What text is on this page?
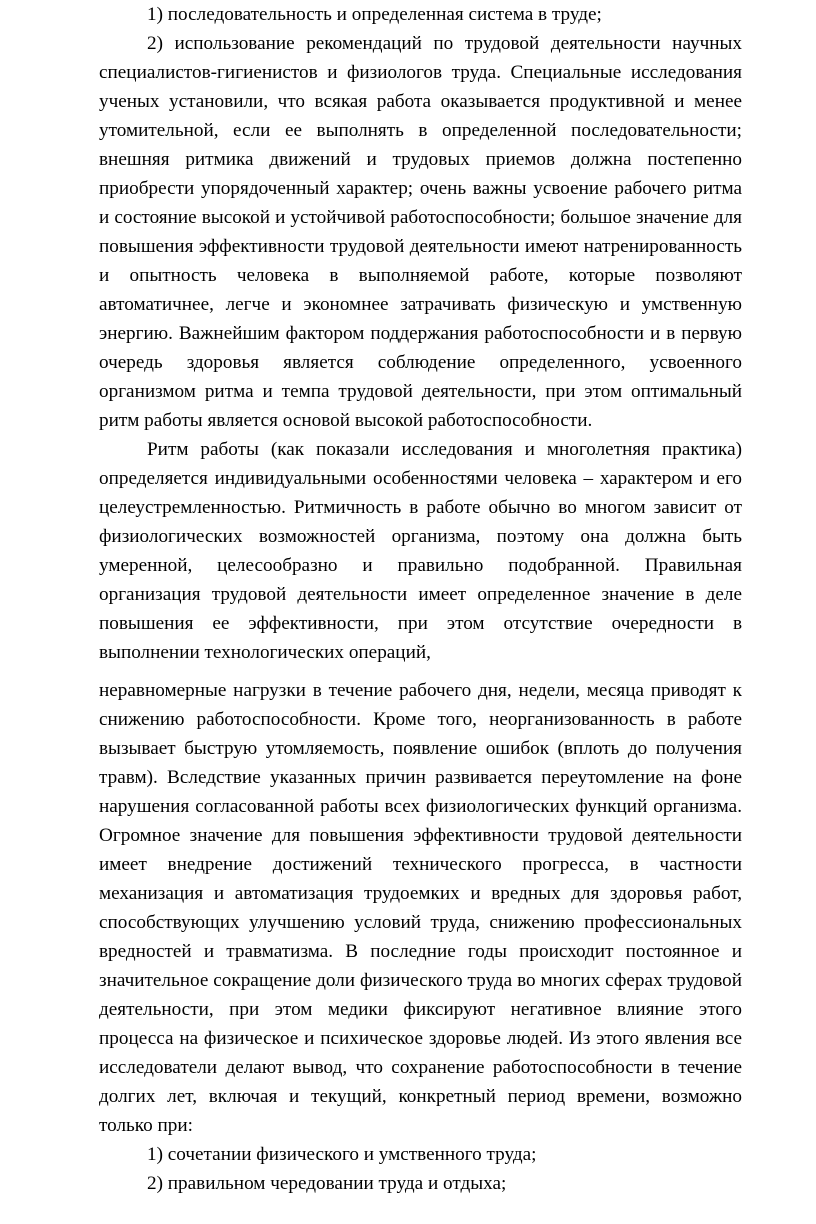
1) последовательность и определенная система в труде;

2) использование рекомендаций по трудовой деятельности научных специалистов-гигиенистов и физиологов труда. Специальные исследования ученых установили, что всякая работа оказывается продуктивной и менее утомительной, если ее выполнять в определенной последовательности; внешняя ритмика движений и трудовых приемов должна постепенно приобрести упорядоченный характер; очень важны усвоение рабочего ритма и состояние высокой и устойчивой работоспособности; большое значение для повышения эффективности трудовой деятельности имеют натренированность и опытность человека в выполняемой работе, которые позволяют автоматичнее, легче и экономнее затрачивать физическую и умственную энергию. Важнейшим фактором поддержания работоспособности и в первую очередь здоровья является соблюдение определенного, усвоенного организмом ритма и темпа трудовой деятельности, при этом оптимальный ритм работы является основой высокой работоспособности.

Ритм работы (как показали исследования и многолетняя практика) определяется индивидуальными особенностями человека – характером и его целеустремленностью. Ритмичность в работе обычно во многом зависит от физиологических возможностей организма, поэтому она должна быть умеренной, целесообразно и правильно подобранной. Правильная организация трудовой деятельности имеет определенное значение в деле повышения ее эффективности, при этом отсутствие очередности в выполнении технологических операций,

неравномерные нагрузки в течение рабочего дня, недели, месяца приводят к снижению работоспособности. Кроме того, неорганизованность в работе вызывает быструю утомляемость, появление ошибок (вплоть до получения травм). Вследствие указанных причин развивается переутомление на фоне нарушения согласованной работы всех физиологических функций организма. Огромное значение для повышения эффективности трудовой деятельности имеет внедрение достижений технического прогресса, в частности механизация и автоматизация трудоемких и вредных для здоровья работ, способствующих улучшению условий труда, снижению профессиональных вредностей и травматизма. В последние годы происходит постоянное и значительное сокращение доли физического труда во многих сферах трудовой деятельности, при этом медики фиксируют негативное влияние этого процесса на физическое и психическое здоровье людей. Из этого явления все исследователи делают вывод, что сохранение работоспособности в течение долгих лет, включая и текущий, конкретный период времени, возможно только при:

1) сочетании физического и умственного труда;

2) правильном чередовании труда и отдыха;
